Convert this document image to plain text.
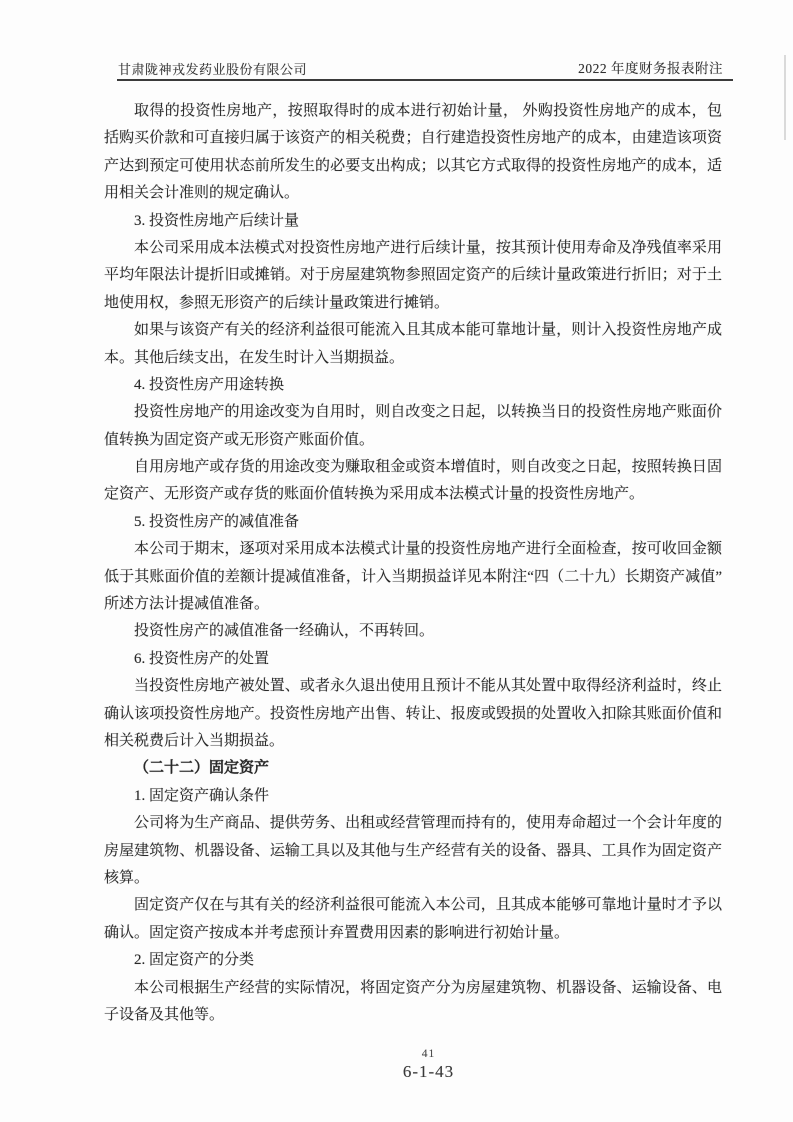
甘肃陇神戎发药业股份有限公司	2022 年度财务报表附注
取得的投资性房地产，按照取得时的成本进行初始计量， 外购投资性房地产的成本，包
括购买价款和可直接归属于该资产的相关税费；自行建造投资性房地产的成本，由建造该项资
产达到预定可使用状态前所发生的必要支出构成；以其它方式取得的投资性房地产的成本，适
用相关会计准则的规定确认。
3. 投资性房地产后续计量
本公司采用成本法模式对投资性房地产进行后续计量，按其预计使用寿命及净残值率采用
平均年限法计提折旧或摊销。对于房屋建筑物参照固定资产的后续计量政策进行折旧；对于土
地使用权，参照无形资产的后续计量政策进行摊销。
如果与该资产有关的经济利益很可能流入且其成本能可靠地计量，则计入投资性房地产成
本。其他后续支出，在发生时计入当期损益。
4. 投资性房产用途转换
投资性房地产的用途改变为自用时，则自改变之日起，以转换当日的投资性房地产账面价
值转换为固定资产或无形资产账面价值。
自用房地产或存货的用途改变为赚取租金或资本增值时，则自改变之日起，按照转换日固
定资产、无形资产或存货的账面价值转换为采用成本法模式计量的投资性房地产。
5. 投资性房产的减值准备
本公司于期末，逐项对采用成本法模式计量的投资性房地产进行全面检查，按可收回金额
低于其账面价值的差额计提减值准备，计入当期损益详见本附注“四（二十九）长期资产减值”
所述方法计提减值准备。
投资性房产的减值准备一经确认，不再转回。
6. 投资性房产的处置
当投资性房地产被处置、或者永久退出使用且预计不能从其处置中取得经济利益时，终止
确认该项投资性房地产。投资性房地产出售、转让、报废或毁损的处置收入扣除其账面价值和
相关税费后计入当期损益。
（二十二）固定资产
1. 固定资产确认条件
公司将为生产商品、提供劳务、出租或经营管理而持有的，使用寿命超过一个会计年度的
房屋建筑物、机器设备、运输工具以及其他与生产经营有关的设备、器具、工具作为固定资产
核算。
固定资产仅在与其有关的经济利益很可能流入本公司，且其成本能够可靠地计量时才予以
确认。固定资产按成本并考虑预计弃置费用因素的影响进行初始计量。
2. 固定资产的分类
本公司根据生产经营的实际情况，将固定资产分为房屋建筑物、机器设备、运输设备、电
子设备及其他等。
41
6-1-43
